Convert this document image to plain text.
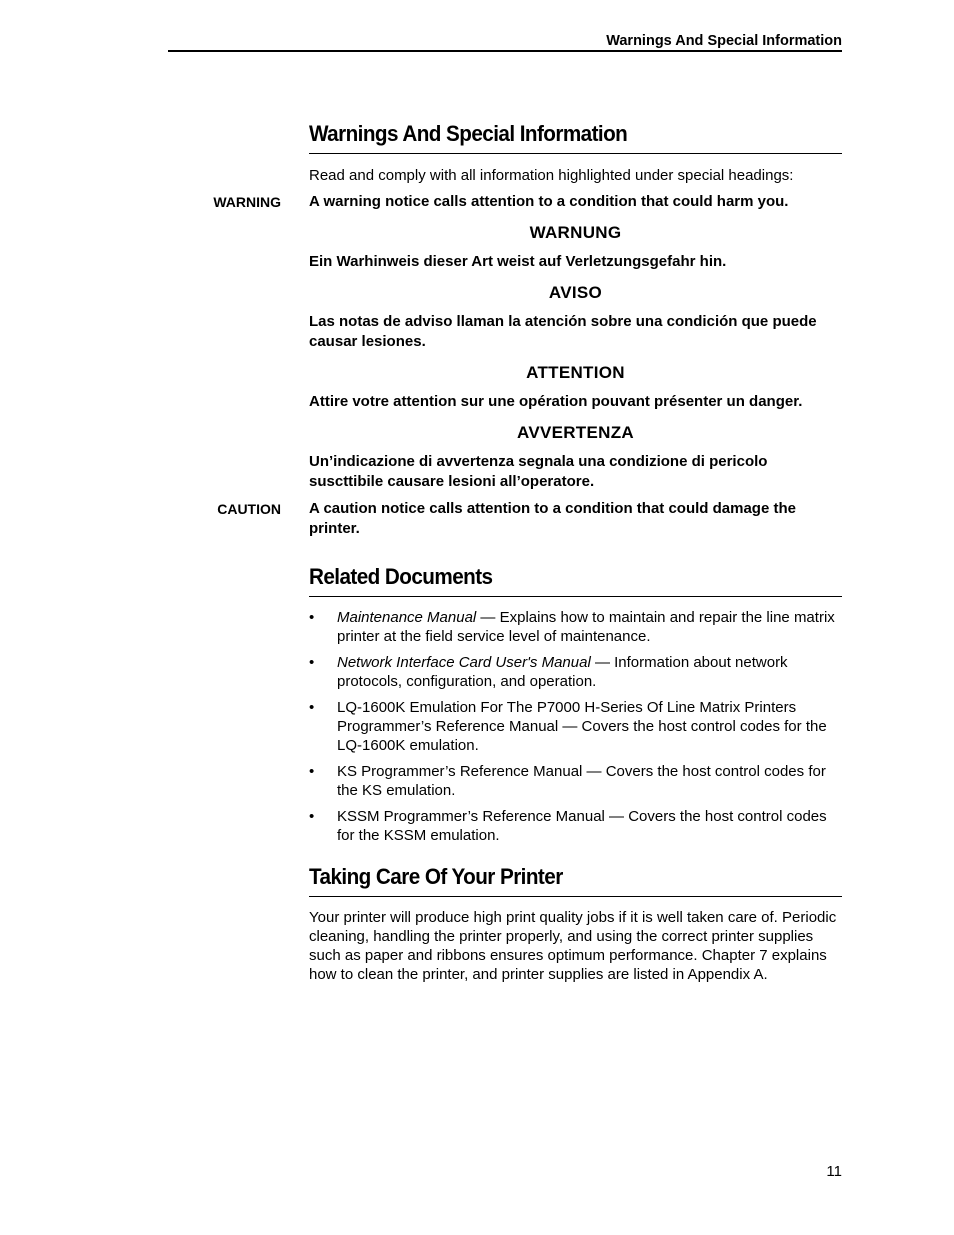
Warnings And Special Information
Warnings And Special Information

Read and comply with all information highlighted under special headings:

WARNING A warning notice calls attention to a condition that could harm you.
WARNUNG
Ein Warhinweis dieser Art weist auf Verletzungsgefahr hin.
AVISO
Las notas de adviso llaman la atención sobre una condición que puede causar lesiones.
ATTENTION
Attire votre attention sur une opération pouvant présenter un danger.
AVVERTENZA
Un’indicazione di avvertenza segnala una condizione di pericolo suscttibile causare lesioni all’operatore.
CAUTION A caution notice calls attention to a condition that could damage the printer.
Related Documents
• Maintenance Manual — Explains how to maintain and repair the line matrix printer at the field service level of maintenance.
• Network Interface Card User's Manual — Information about network protocols, configuration, and operation.
• LQ-1600K Emulation For The P7000 H-Series Of Line Matrix Printers Programmer’s Reference Manual — Covers the host control codes for the LQ-1600K emulation.
• KS Programmer’s Reference Manual — Covers the host control codes for the KS emulation.
• KSSM Programmer’s Reference Manual — Covers the host control codes for the KSSM emulation.
Taking Care Of Your Printer

Your printer will produce high print quality jobs if it is well taken care of. Periodic cleaning, handling the printer properly, and using the correct printer supplies such as paper and ribbons ensures optimum performance. Chapter 7 explains how to clean the printer, and printer supplies are listed in Appendix A.

11
